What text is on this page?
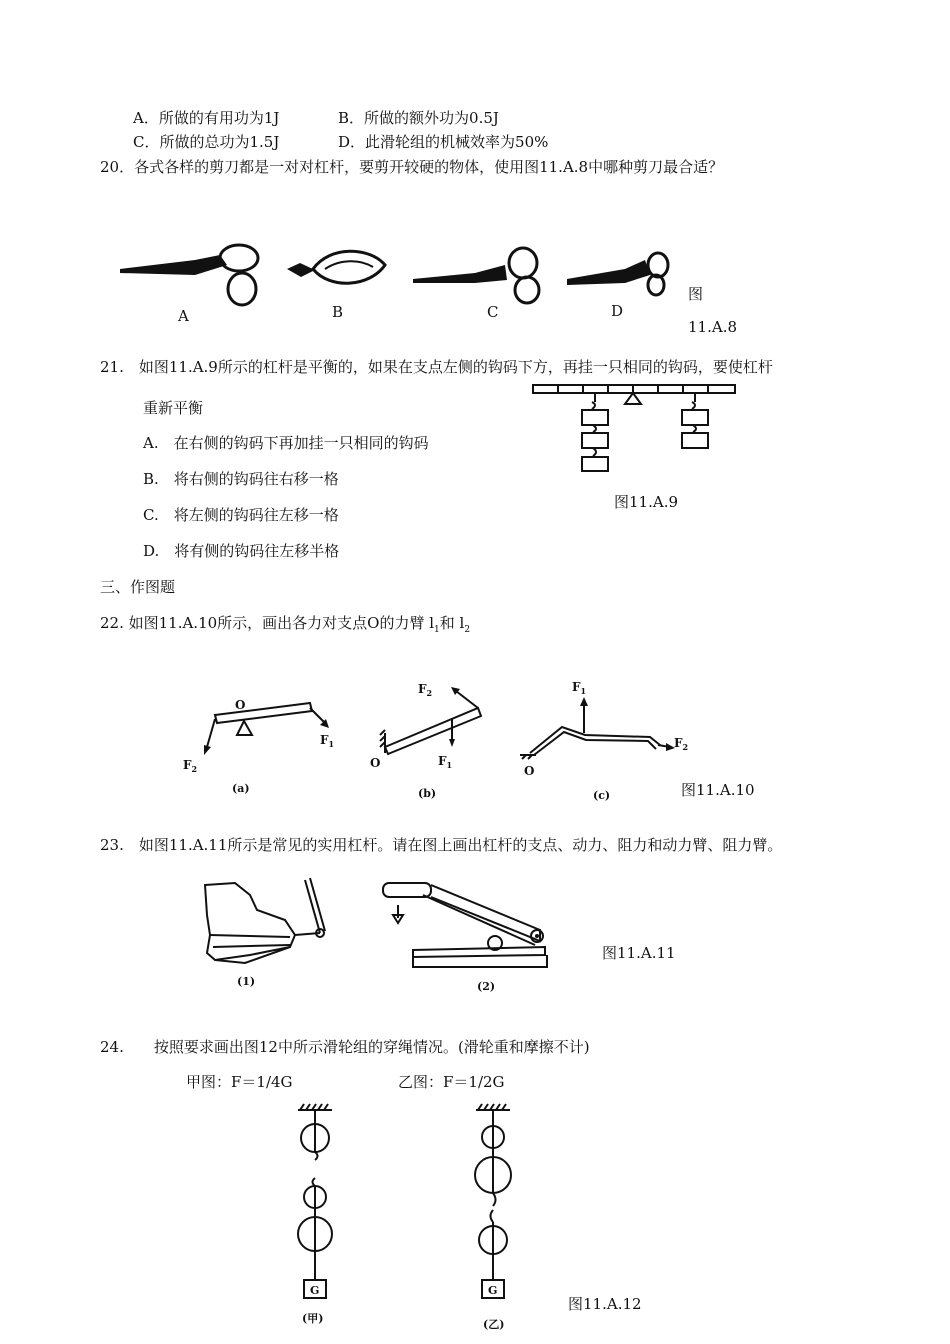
A．所做的有用功为1J	B．所做的额外功为0.5J
C．所做的总功为1.5J	D．此滑轮组的机械效率为50%
20．各式各样的剪刀都是一对对杠杆，要剪开较硬的物体，使用图11.A.8中哪种剪刀最合适？
A	B	C	D
图
11.A.8
21.　如图11.A.9所示的杠杆是平衡的，如果在支点左侧的钩码下方，再挂一只相同的钩码，要使杠杆
重新平衡
A.　在右侧的钩码下再加挂一只相同的钩码
B.　将右侧的钩码往右移一格
C.　将左侧的钩码往左移一格
D.　将有侧的钩码往左移半格
图11.A.9
三、作图题
22. 如图11.A.10所示，画出各力对支点O的力臂 $l_1$和 $l_2$
O
$F_1$
$F_2$
(a)
$F_2$
$F_1$
O
(b)
$F_1$
$F_2$
O
(c)	图11.A.10
23.　如图11.A.11所示是常见的实用杠杆。请在图上画出杠杆的支点、动力、阻力和动力臂、阻力臂。
(1)	(2)
图11.A.11
24.　　按照要求画出图12中所示滑轮组的穿绳情况。(滑轮重和摩擦不计)
甲图：F＝1/4G	乙图：F＝1/2G
G
(甲)
G
(乙)
图11.A.12
